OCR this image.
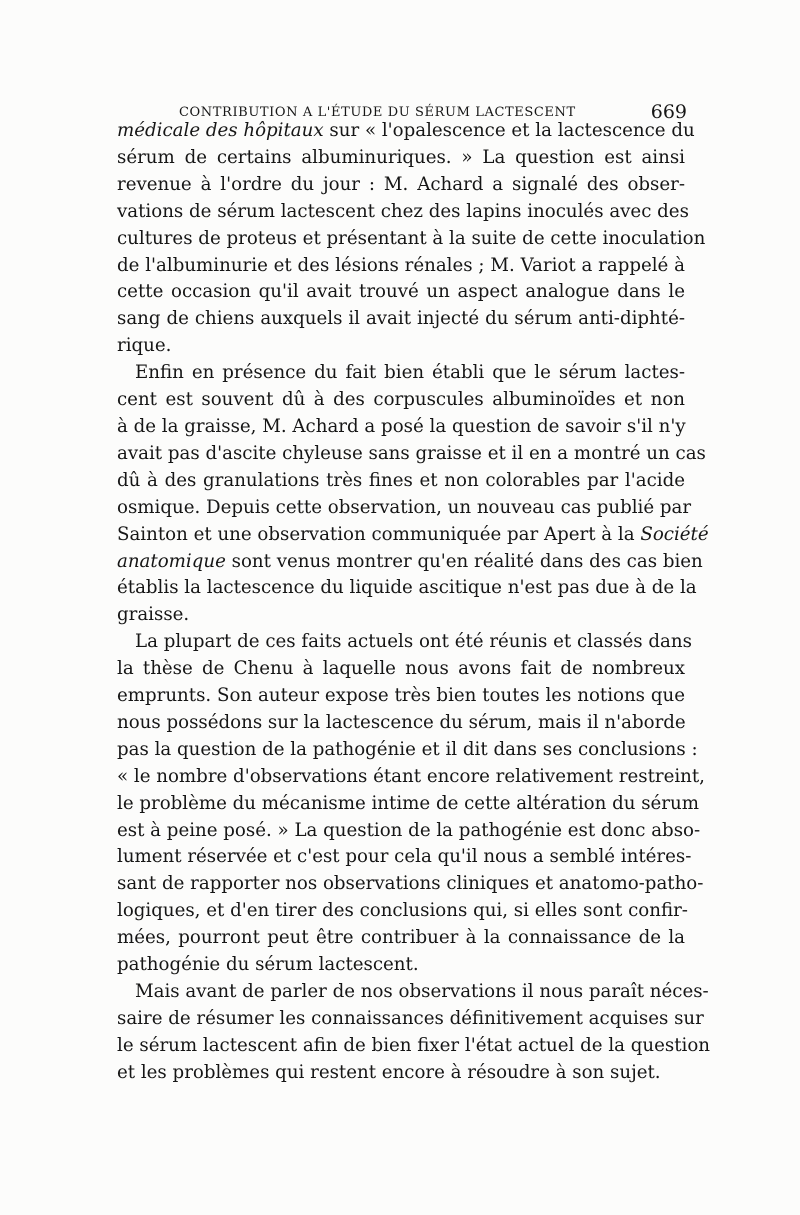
CONTRIBUTION A L'ÉTUDE DU SÉRUM LACTESCENT	669

médicale des hôpitaux sur « l'opalescence et la lactescence du
sérum de certains albuminuriques. » La question est ainsi
revenue à l'ordre du jour : M. Achard a signalé des obser-
vations de sérum lactescent chez des lapins inoculés avec des
cultures de proteus et présentant à la suite de cette inoculation
de l'albuminurie et des lésions rénales ; M. Variot a rappelé à
cette occasion qu'il avait trouvé un aspect analogue dans le
sang de chiens auxquels il avait injecté du sérum anti-diphté-
rique.

Enfin en présence du fait bien établi que le sérum lactes-
cent est souvent dû à des corpuscules albuminoïdes et non
à de la graisse, M. Achard a posé la question de savoir s'il n'y
avait pas d'ascite chyleuse sans graisse et il en a montré un cas
dû à des granulations très fines et non colorables par l'acide
osmique. Depuis cette observation, un nouveau cas publié par
Sainton et une observation communiquée par Apert à la Société
anatomique sont venus montrer qu'en réalité dans des cas bien
établis la lactescence du liquide ascitique n'est pas due à de la
graisse.

La plupart de ces faits actuels ont été réunis et classés dans
la thèse de Chenu à laquelle nous avons fait de nombreux
emprunts. Son auteur expose très bien toutes les notions que
nous possédons sur la lactescence du sérum, mais il n'aborde
pas la question de la pathogénie et il dit dans ses conclusions :
« le nombre d'observations étant encore relativement restreint,
le problème du mécanisme intime de cette altération du sérum
est à peine posé. » La question de la pathogénie est donc abso-
lument réservée et c'est pour cela qu'il nous a semblé intéres-
sant de rapporter nos observations cliniques et anatomo-patho-
logiques, et d'en tirer des conclusions qui, si elles sont confir-
mées, pourront peut être contribuer à la connaissance de la
pathogénie du sérum lactescent.

Mais avant de parler de nos observations il nous paraît néces-
saire de résumer les connaissances définitivement acquises sur
le sérum lactescent afin de bien fixer l'état actuel de la question
et les problèmes qui restent encore à résoudre à son sujet.
